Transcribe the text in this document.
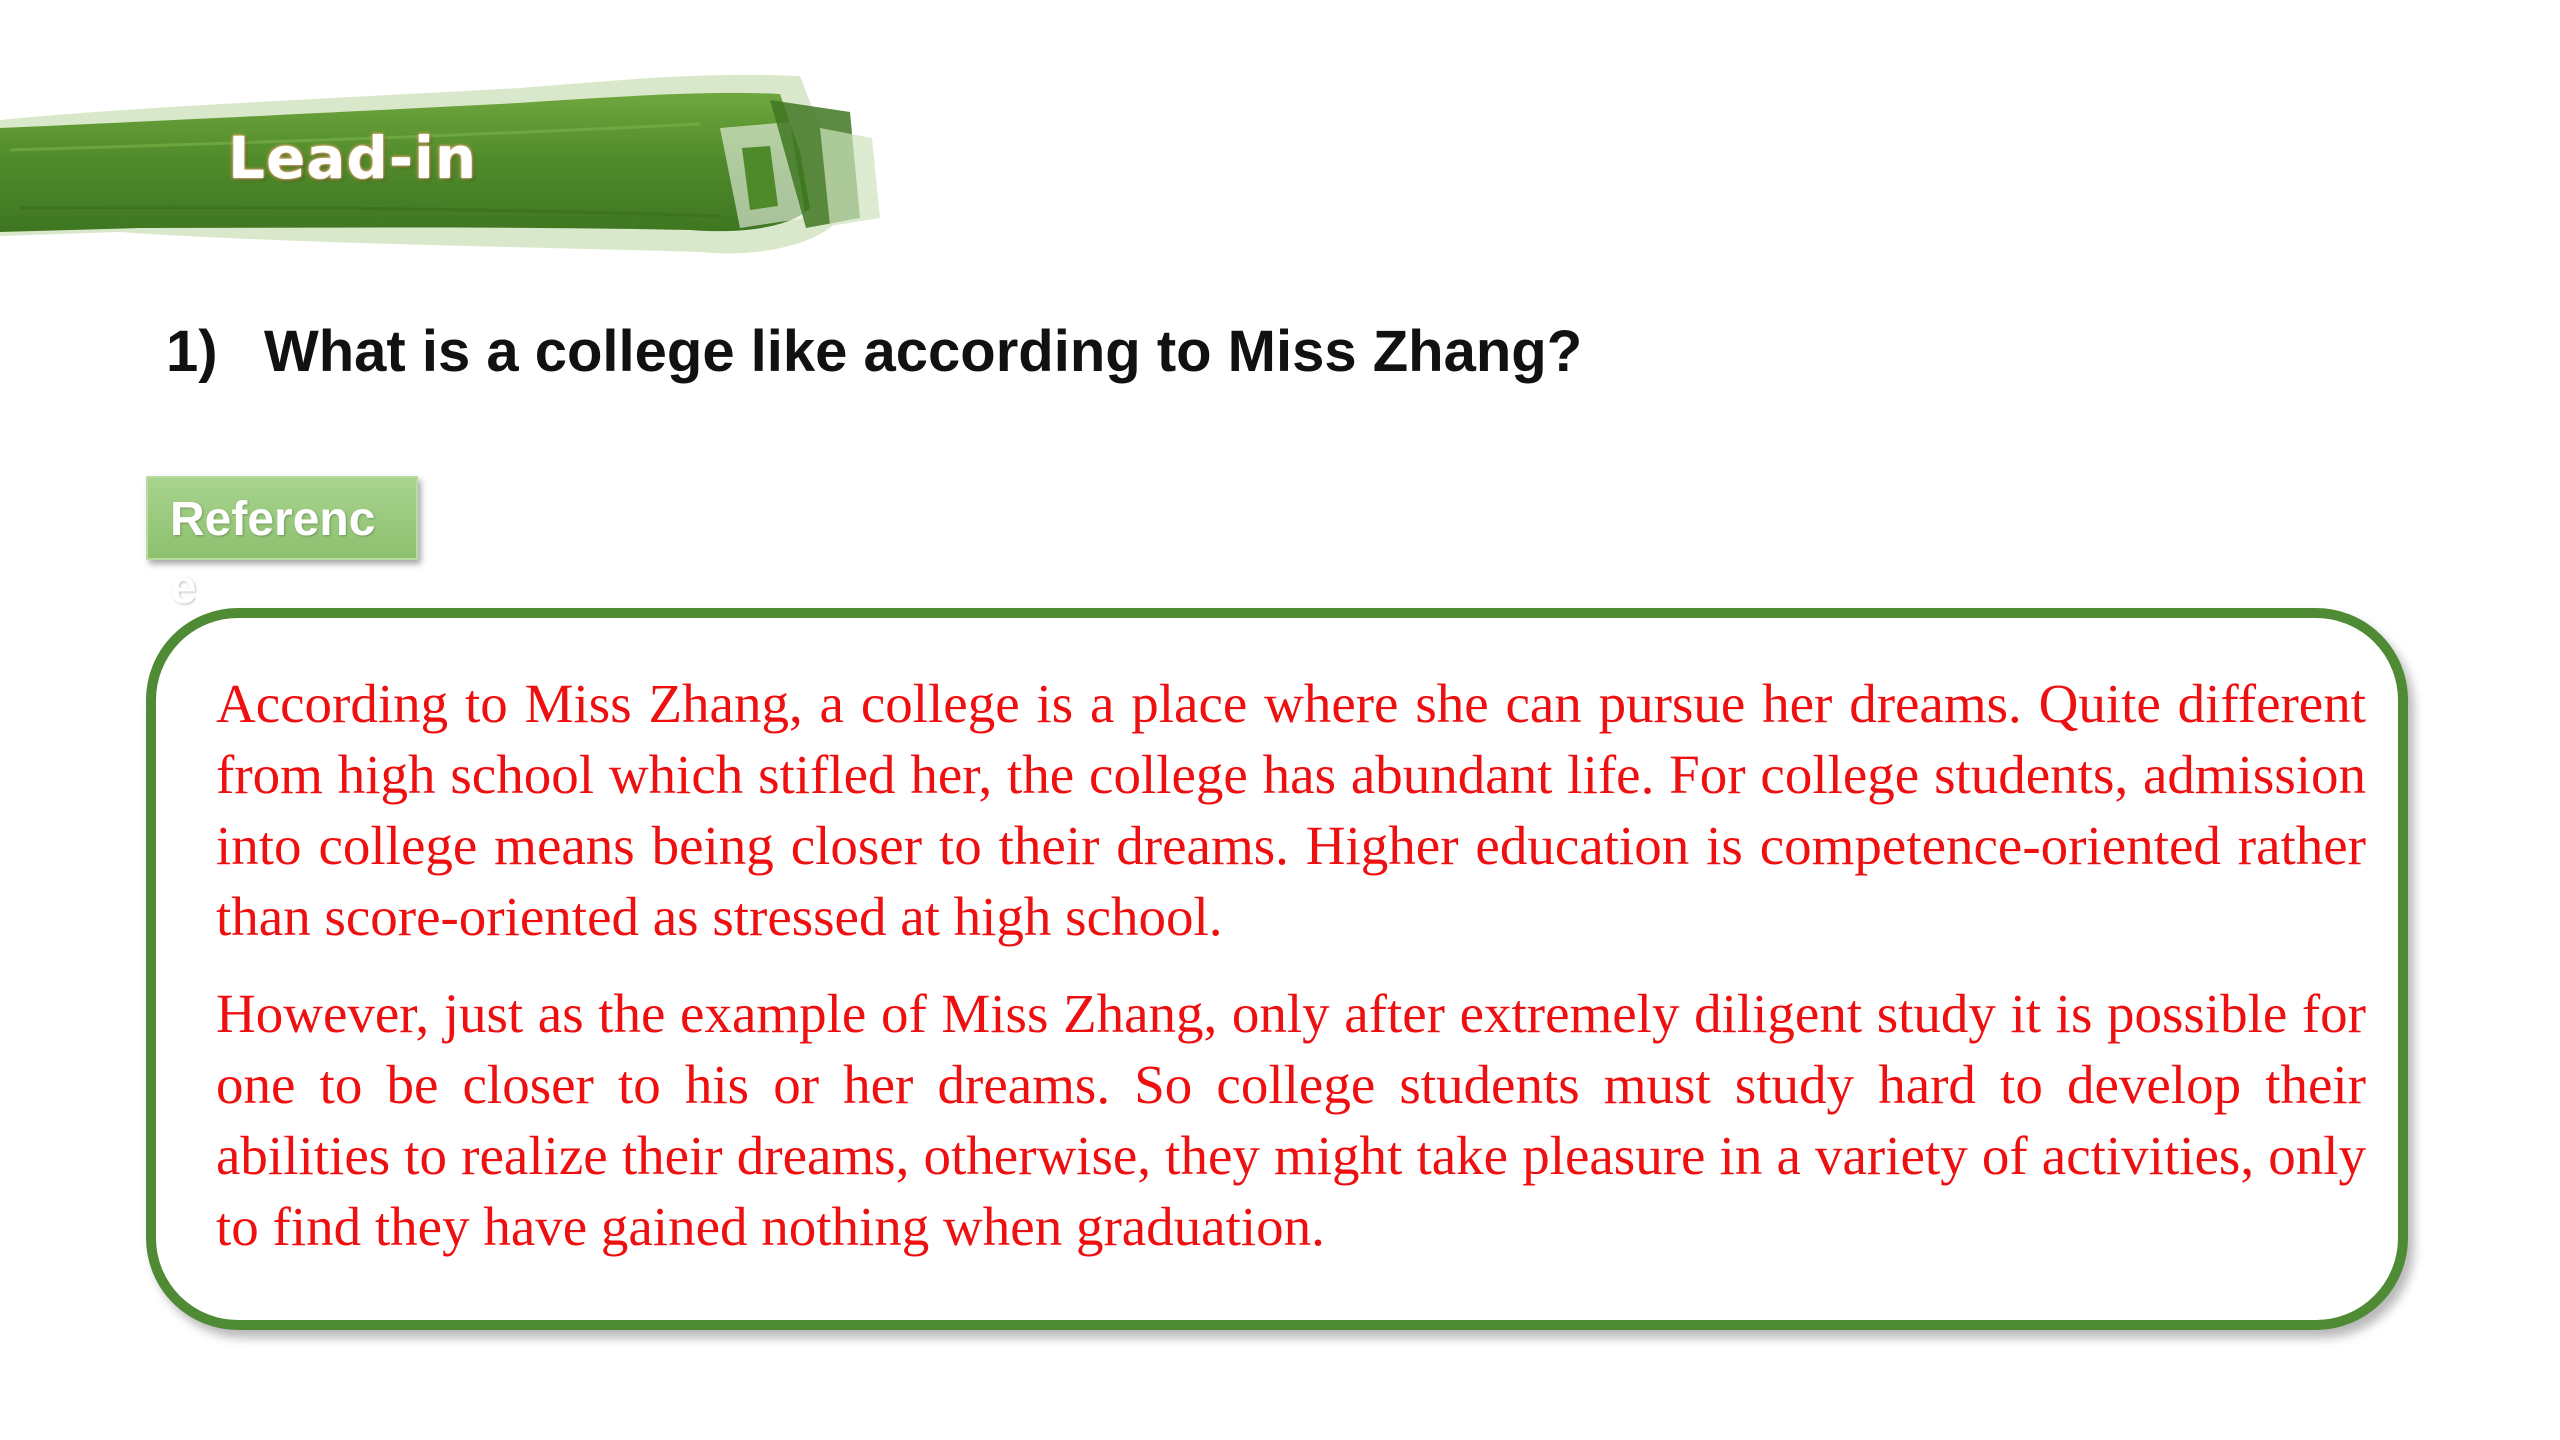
Lead-in
1) What is a college like according to Miss Zhang?
Reference

According to Miss Zhang, a college is a place where she can pursue her dreams. Quite different from high school which stifled her, the college has abundant life. For college students, admission into college means being closer to their dreams. Higher education is competence-oriented rather than score-oriented as stressed at high school.

However, just as the example of Miss Zhang, only after extremely diligent study it is possible for one to be closer to his or her dreams. So college students must study hard to develop their abilities to realize their dreams, otherwise, they might take pleasure in a variety of activities, only to find they have gained nothing when graduation.
